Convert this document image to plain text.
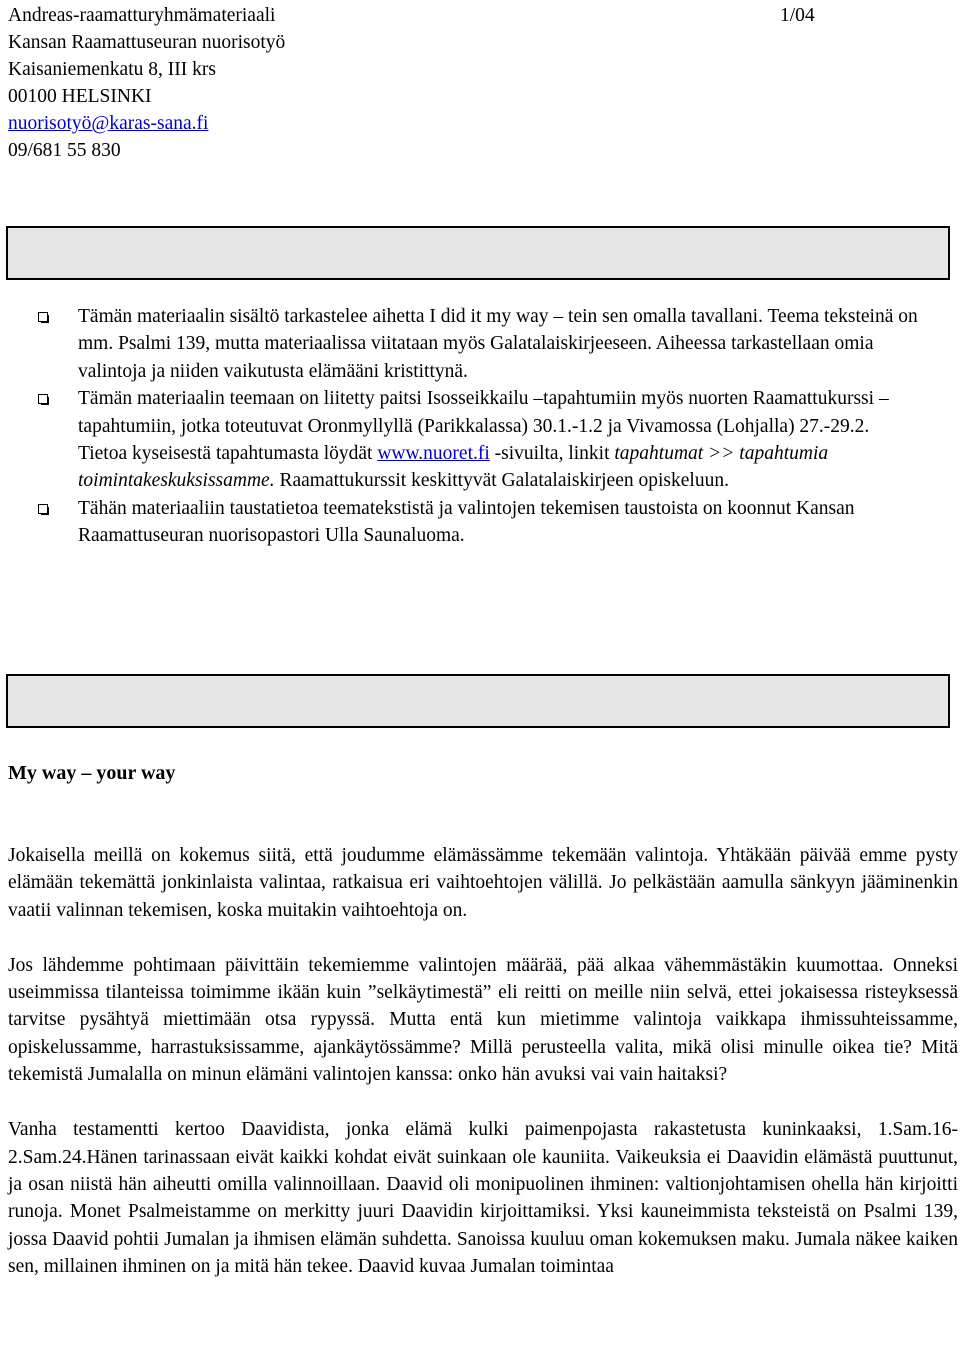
Andreas-raamatturyhmämateriaali
Kansan Raamattuseuran nuorisotyö
Kaisaniemenkatu 8, III krs
00100 HELSINKI
nuorisotyö@karas-sana.fi
09/681 55 830
1/04
Tämän materiaalin sisältö tarkastelee aihetta I did it my way – tein sen omalla tavallani. Teema teksteinä on mm. Psalmi 139, mutta materiaalissa viitataan myös Galatalaiskirjeeseen. Aiheessa tarkastellaan omia valintoja ja niiden vaikutusta elämääni kristittynä.
Tämän materiaalin teemaan on liitetty paitsi Isosseikkailu –tapahtumiin myös nuorten Raamattukurssi –tapahtumiin, jotka toteutuvat Oronmyllyllä (Parikkalassa) 30.1.-1.2 ja Vivamossa (Lohjalla) 27.-29.2. Tietoa kyseisestä tapahtumasta löydät www.nuoret.fi -sivuilta, linkit tapahtumat >> tapahtumia toimintakeskuksissamme. Raamattukurssit keskittyvät Galatalaiskirjeen opiskeluun.
Tähän materiaaliin taustatietoa teematekstistä ja valintojen tekemisen taustoista on koonnut Kansan Raamattuseuran nuorisopastori Ulla Saunaluoma.
My way – your way

Jokaisella meillä on kokemus siitä, että joudumme elämässämme tekemään valintoja. Yhtäkään päivää emme pysty elämään tekemättä jonkinlaista valintaa, ratkaisua eri vaihtoehtojen välillä. Jo pelkästään aamulla sänkyyn jääminenkin vaatii valinnan tekemisen, koska muitakin vaihtoehtoja on.

Jos lähdemme pohtimaan päivittäin tekemiemme valintojen määrää, pää alkaa vähemmästäkin kuumottaa. Onneksi useimmissa tilanteissa toimimme ikään kuin ”selkäytimestä” eli reitti on meille niin selvä, ettei jokaisessa risteyksessä tarvitse pysähtyä miettimään otsa rypyssä. Mutta entä kun mietimme valintoja vaikkapa ihmissuhteissamme, opiskelussamme, harrastuksissamme, ajankäytössämme? Millä perusteella valita, mikä olisi minulle oikea tie? Mitä tekemistä Jumalalla on minun elämäni valintojen kanssa: onko hän avuksi vai vain haitaksi?

Vanha testamentti kertoo Daavidista, jonka elämä kulki paimenpojasta rakastetusta kuninkaaksi, 1.Sam.16-2.Sam.24.Hänen tarinassaan eivät kaikki kohdat eivät suinkaan ole kauniita. Vaikeuksia ei Daavidin elämästä puuttunut, ja osan niistä hän aiheutti omilla valinnoillaan. Daavid oli monipuolinen ihminen: valtionjohtamisen ohella hän kirjoitti runoja. Monet Psalmeistamme on merkitty juuri Daavidin kirjoittamiksi. Yksi kauneimmista teksteistä on Psalmi 139, jossa Daavid pohtii Jumalan ja ihmisen elämän suhdetta. Sanoissa kuuluu oman kokemuksen maku. Jumala näkee kaiken sen, millainen ihminen on ja mitä hän tekee. Daavid kuvaa Jumalan toimintaa
